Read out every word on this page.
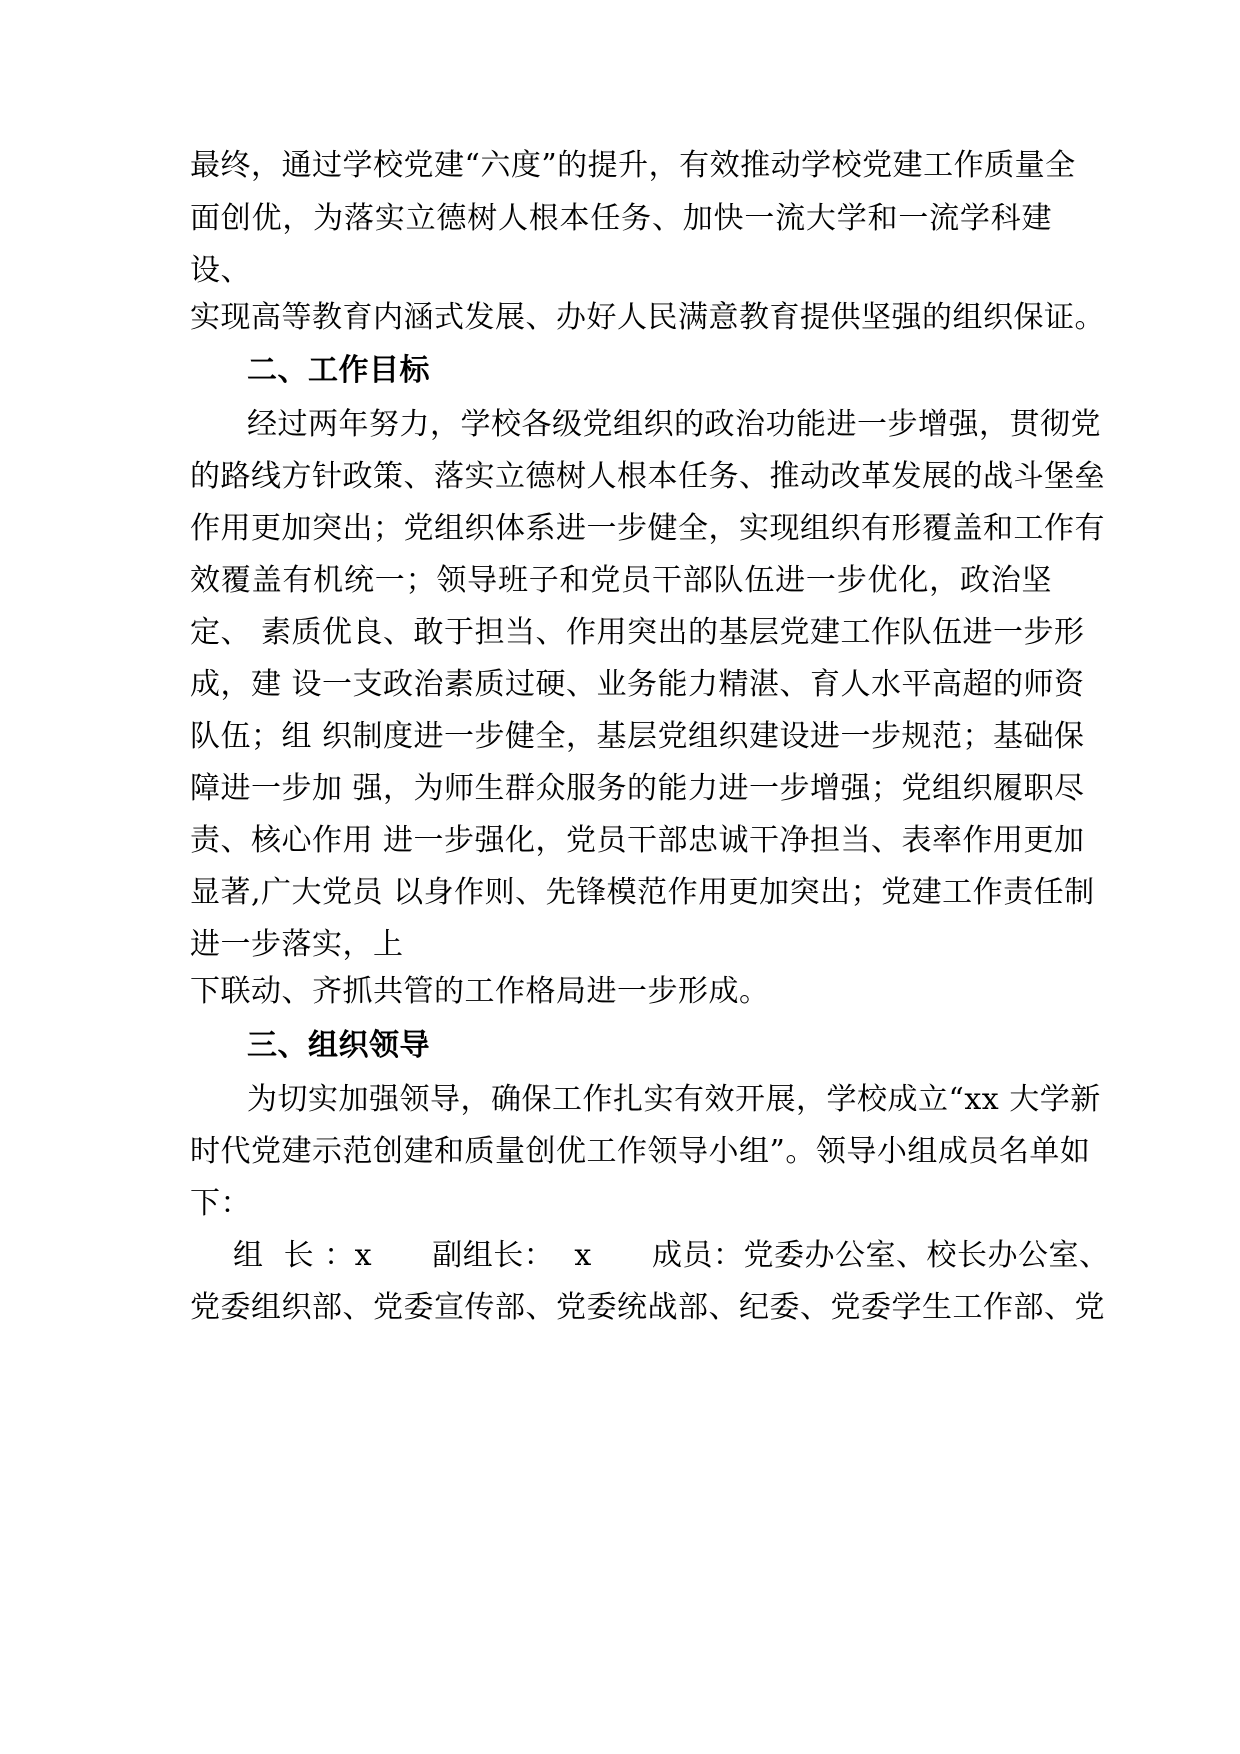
最终，通过学校党建“六度”的提升，有效推动学校党建工作质量全
面创优，为落实立德树人根本任务、加快一流大学和一流学科建
设、
实现高等教育内涵式发展、办好人民满意教育提供坚强的组织保证。
二、工作目标
经过两年努力，学校各级党组织的政治功能进一步增强，贯彻党
的路线方针政策、落实立德树人根本任务、推动改革发展的战斗堡垒
作用更加突出；党组织体系进一步健全，实现组织有形覆盖和工作有
效覆盖有机统一；领导班子和党员干部队伍进一步优化，政治坚
定、 素质优良、敢于担当、作用突出的基层党建工作队伍进一步形
成，建 设一支政治素质过硬、业务能力精湛、育人水平高超的师资
队伍；组 织制度进一步健全，基层党组织建设进一步规范；基础保
障进一步加 强，为师生群众服务的能力进一步增强；党组织履职尽
责、核心作用 进一步强化，党员干部忠诚干净担当、表率作用更加
显著,广大党员 以身作则、先锋模范作用更加突出；党建工作责任制
进一步落实，上
下联动、齐抓共管的工作格局进一步形成。
三、组织领导
为切实加强领导，确保工作扎实有效开展，学校成立“xx 大学新
时代党建示范创建和质量创优工作领导小组”。领导小组成员名单如
下：
组  长 ：x      副组长：  x      成员：党委办公室、校长办公室、
党委组织部、党委宣传部、党委统战部、纪委、党委学生工作部、党
